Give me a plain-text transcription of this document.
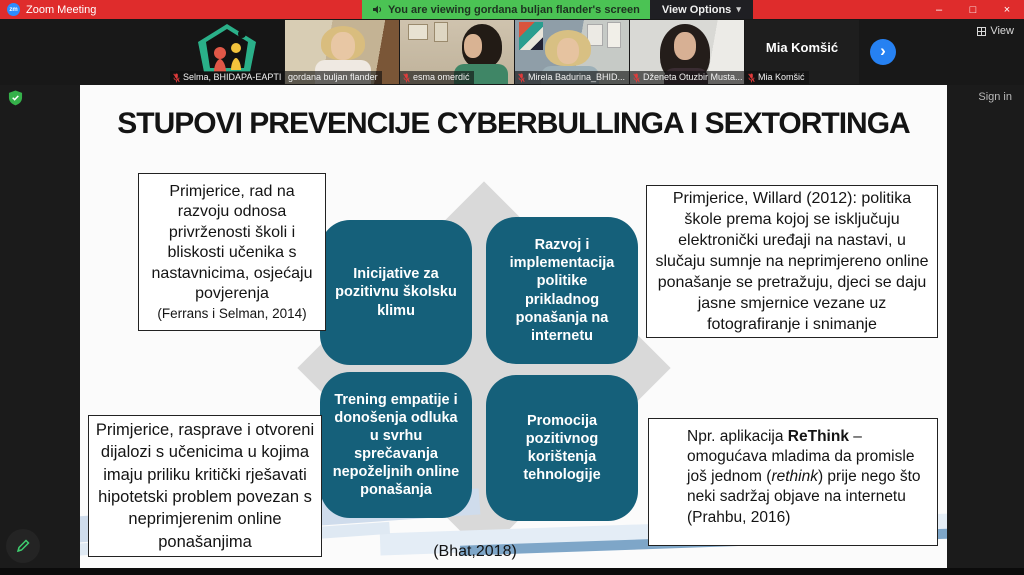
zm Zoom Meeting	You are viewing gordana buljan flander's screen View Options ▾	–	□	×
Selma, BHIDAPA-EAPTI gordana buljan flander	esma omerdić	Mirela Badurina_BHID... Dženeta Otuzbir Musta...
Mia Komšić
Mia Komšić
›
View
Sign in
STUPOVI PREVENCIJE CYBERBULLINGA I SEXTORTINGA
Inicijative za pozitivnu školsku klimu
Razvoj i implementacija politike prikladnog ponašanja na internetu
Trening empatije i donošenja odluka u svrhu sprečavanja nepoželjnih online ponašanja
Promocija pozitivnog korištenja tehnologije
Primjerice, rad na razvoju odnosa privrženosti školi i bliskosti učenika s nastavnicima, osjećaju povjerenja
(Ferrans i Selman, 2014)
Primjerice, Willard (2012): politika škole prema kojoj se isključuju elektronički uređaji na nastavi, u slučaju sumnje na neprimjereno online ponašanje se pretražuju, djeci se daju jasne smjernice vezane uz fotografiranje i snimanje
Primjerice, rasprave i otvoreni dijalozi s učenicima u kojima imaju priliku kritički rješavati hipotetski problem povezan s neprimjerenim online ponašanjima
Npr. aplikacija ReThink –
omogućava mladima da promisle još jednom (rethink) prije nego što neki sadržaj objave na internetu
(Prahbu, 2016)
(Bhat,2018)
